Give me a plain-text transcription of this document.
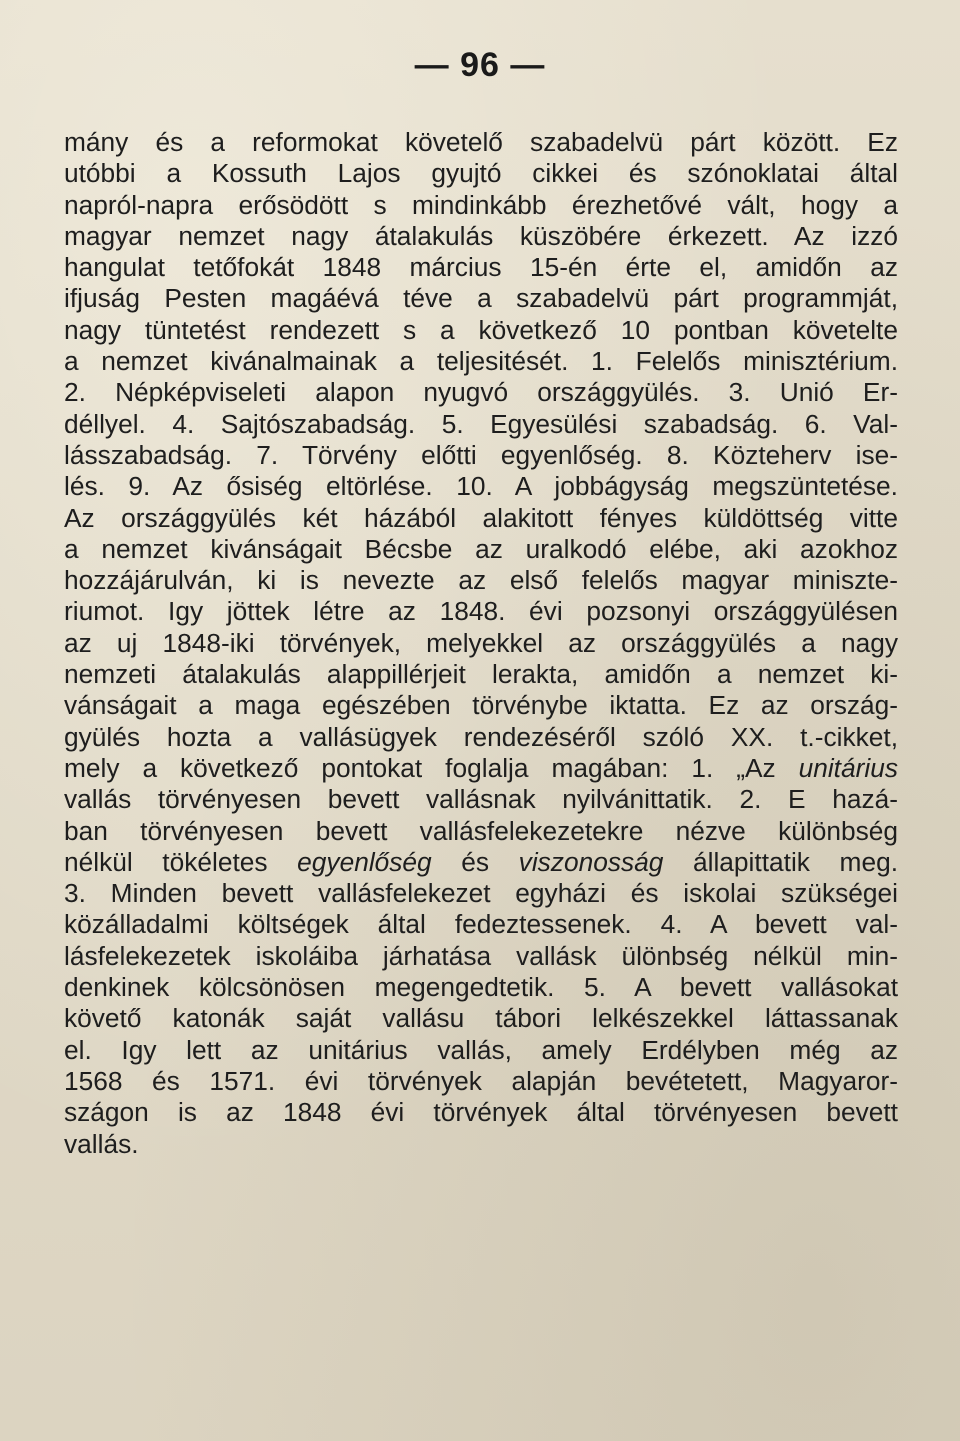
— 96 —
mány és a reformokat követelő szabadelvü párt között. Ez
utóbbi a Kossuth Lajos gyujtó cikkei és szónoklatai által
napról-napra erősödött s mindinkább érezhetővé vált, hogy a
magyar nemzet nagy átalakulás küszöbére érkezett. Az izzó
hangulat tetőfokát 1848 március 15-én érte el, amidőn az
ifjuság Pesten magáévá téve a szabadelvü párt programmját,
nagy tüntetést rendezett s a következő 10 pontban követelte
a nemzet kivánalmainak a teljesitését. 1. Felelős minisztérium.
2. Népképviseleti alapon nyugvó országgyülés. 3. Unió Er-
déllyel. 4. Sajtószabadság. 5. Egyesülési szabadság. 6. Val-
lásszabadság. 7. Törvény előtti egyenlőség. 8. Közteherv ise-
lés. 9. Az ősiség eltörlése. 10. A jobbágyság megszüntetése.
Az országgyülés két házából alakitott fényes küldöttség vitte
a nemzet kivánságait Bécsbe az uralkodó elébe, aki azokhoz
hozzájárulván, ki is nevezte az első felelős magyar miniszte-
riumot. Igy jöttek létre az 1848. évi pozsonyi országgyülésen
az uj 1848-iki törvények, melyekkel az országgyülés a nagy
nemzeti átalakulás alappillérjeit lerakta, amidőn a nemzet ki-
vánságait a maga egészében törvénybe iktatta. Ez az ország-
gyülés hozta a vallásügyek rendezéséről szóló XX. t.-cikket,
mely a következő pontokat foglalja magában: 1. „Az unitárius
vallás törvényesen bevett vallásnak nyilvánittatik. 2. E hazá-
ban törvényesen bevett vallásfelekezetekre nézve különbség
nélkül tökéletes egyenlőség és viszonosság állapittatik meg.
3. Minden bevett vallásfelekezet egyházi és iskolai szükségei
közálladalmi költségek által fedeztessenek. 4. A bevett val-
lásfelekezetek iskoláiba járhatása vallásk ülönbség nélkül min-
denkinek kölcsönösen megengedtetik. 5. A bevett vallásokat
követő katonák saját vallásu tábori lelkészekkel láttassanak
el. Igy lett az unitárius vallás, amely Erdélyben még az
1568 és 1571. évi törvények alapján bevétetett, Magyaror-
szágon is az 1848 évi törvények által törvényesen bevett
vallás.
